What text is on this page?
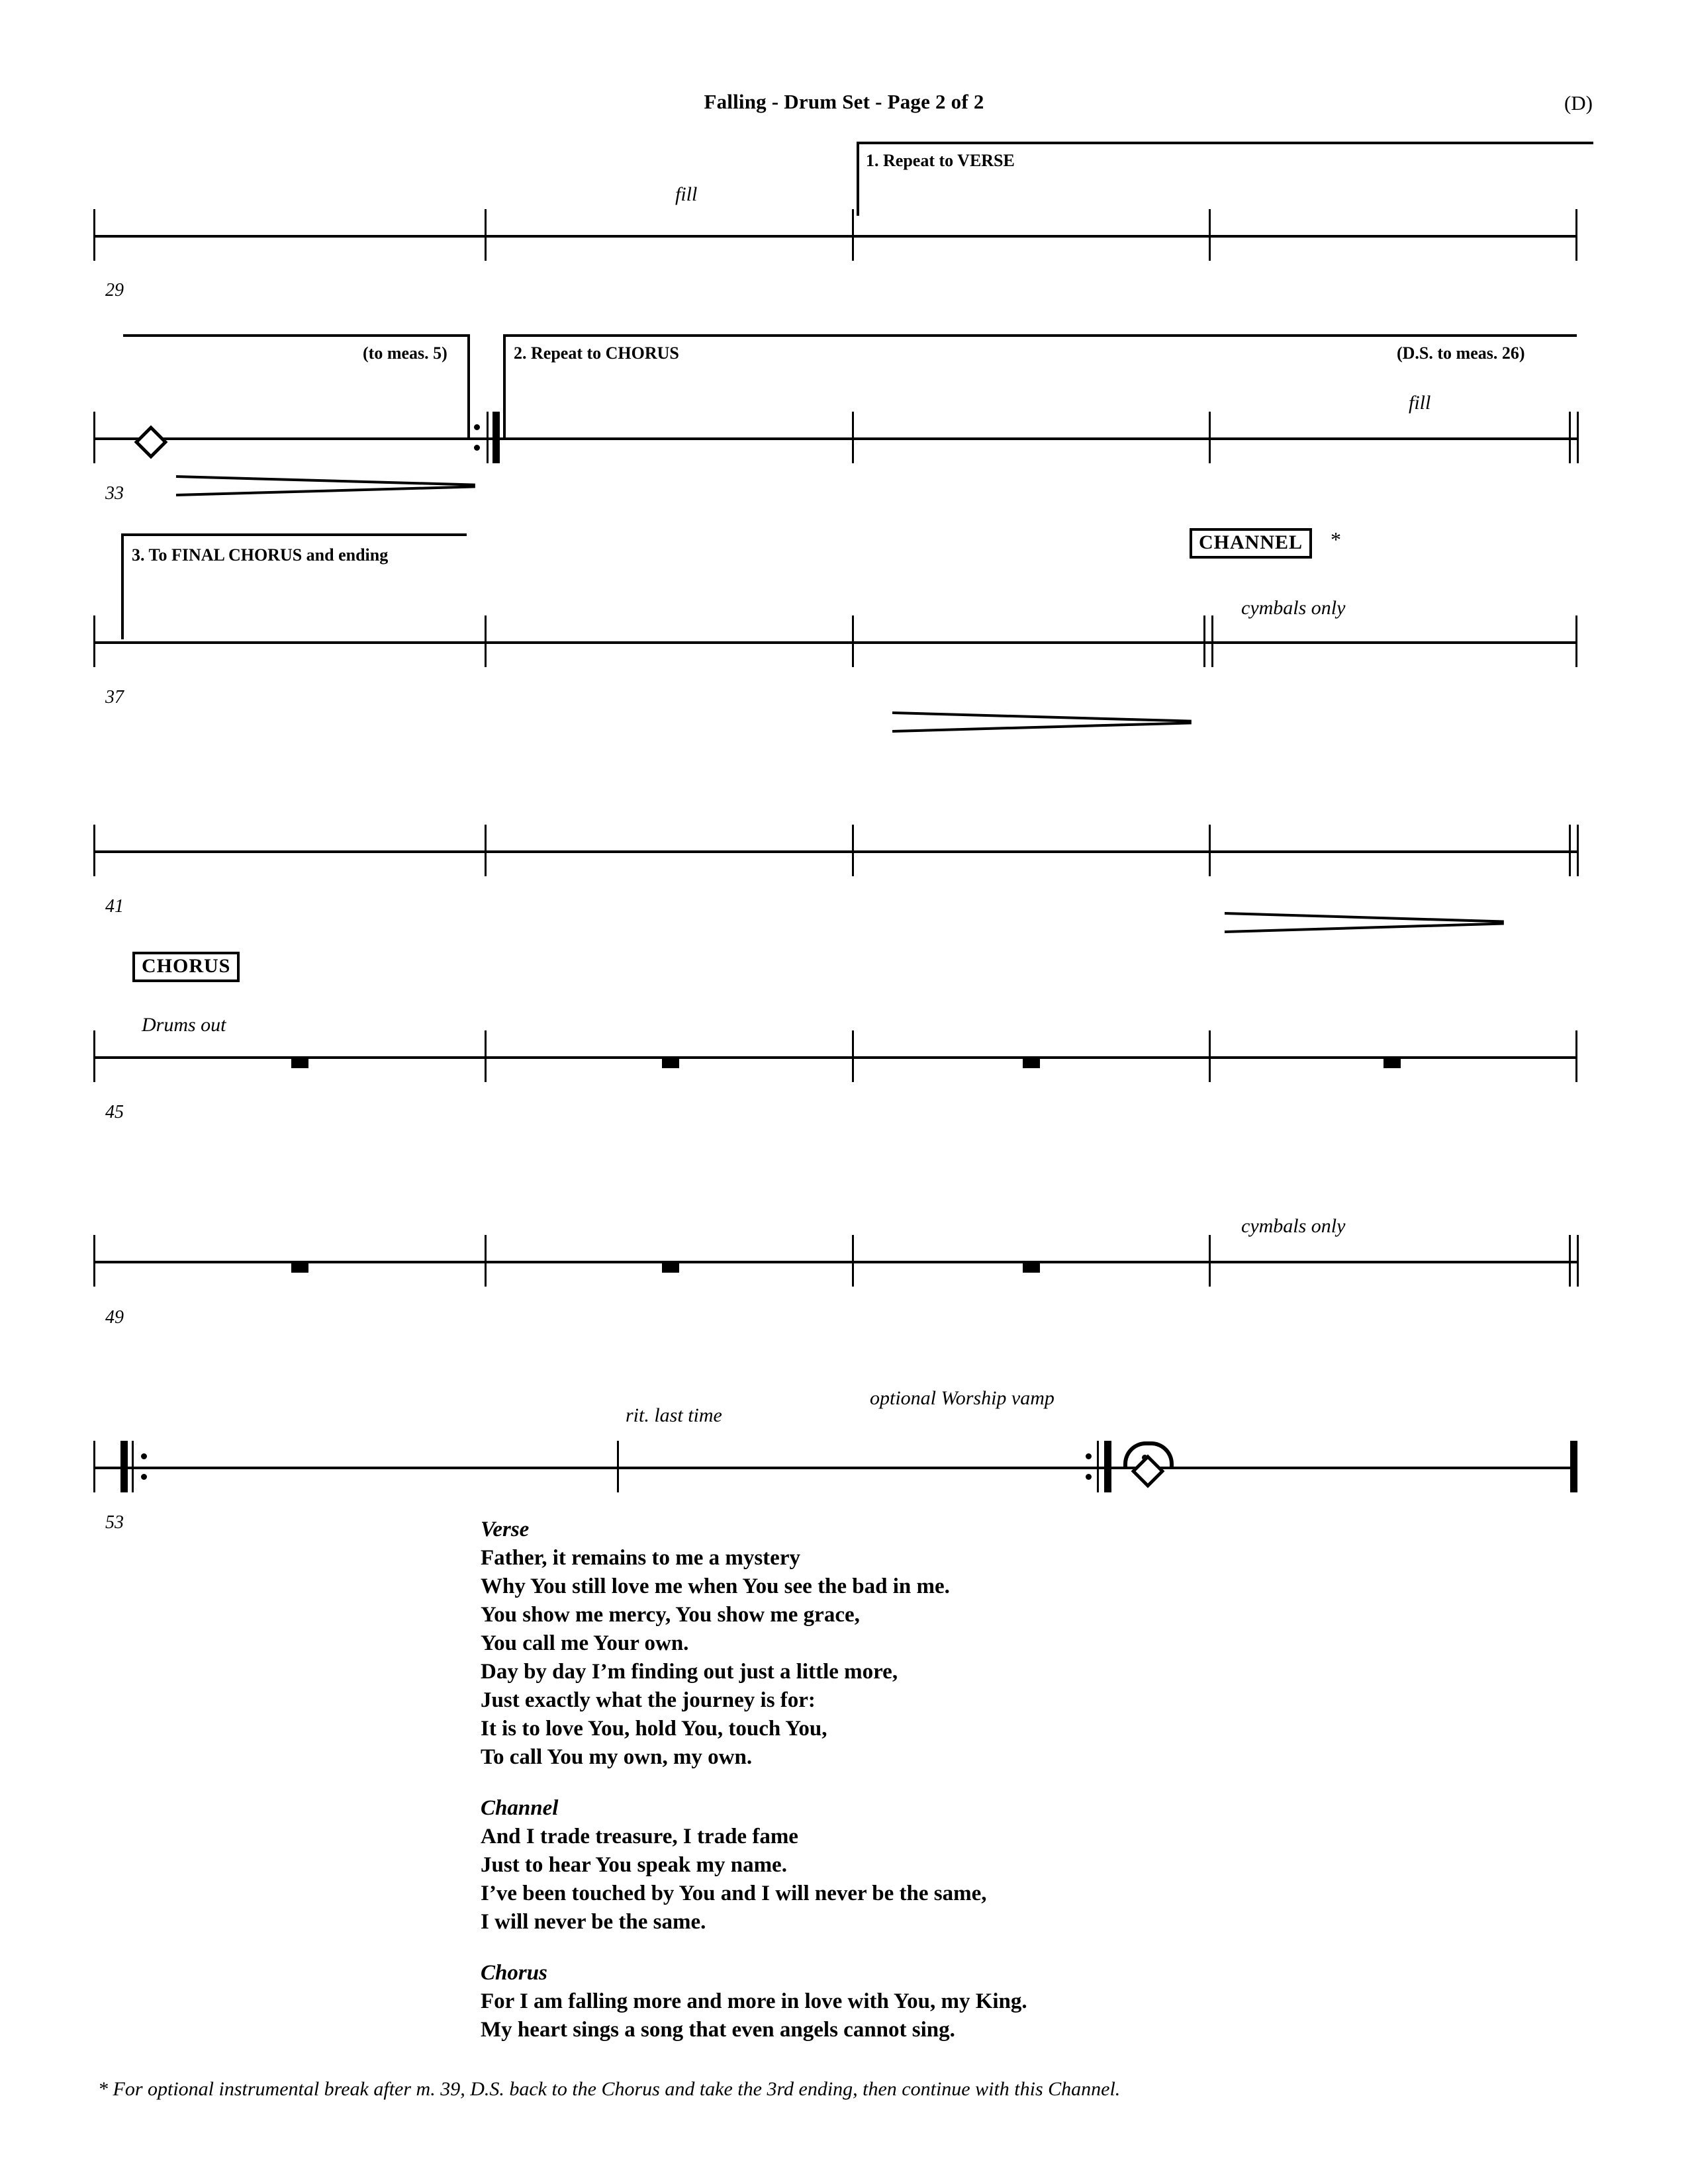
Falling - Drum Set - Page 2 of 2	(D)
1. Repeat to VERSE
fill
29
(to meas. 5)	2. Repeat to CHORUS	(D.S. to meas. 26)
fill
33
3. To FINAL CHORUS and ending
CHANNEL	*
cymbals only
37
41
CHORUS
Drums out
45
cymbals only
49
rit. last time
optional Worship vamp
53	Verse

Father, it remains to me a mystery

Why You still love me when You see the bad in me.

You show me mercy, You show me grace,

You call me Your own.

Day by day I’m finding out just a little more,

Just exactly what the journey is for:

It is to love You, hold You, touch You,

To call You my own, my own.

Channel

And I trade treasure, I trade fame

Just to hear You speak my name.

I’ve been touched by You and I will never be the same,

I will never be the same.

Chorus

For I am falling more and more in love with You, my King.

My heart sings a song that even angels cannot sing.

* For optional instrumental break after m. 39, D.S. back to the Chorus and take the 3rd ending, then continue with this Channel.
